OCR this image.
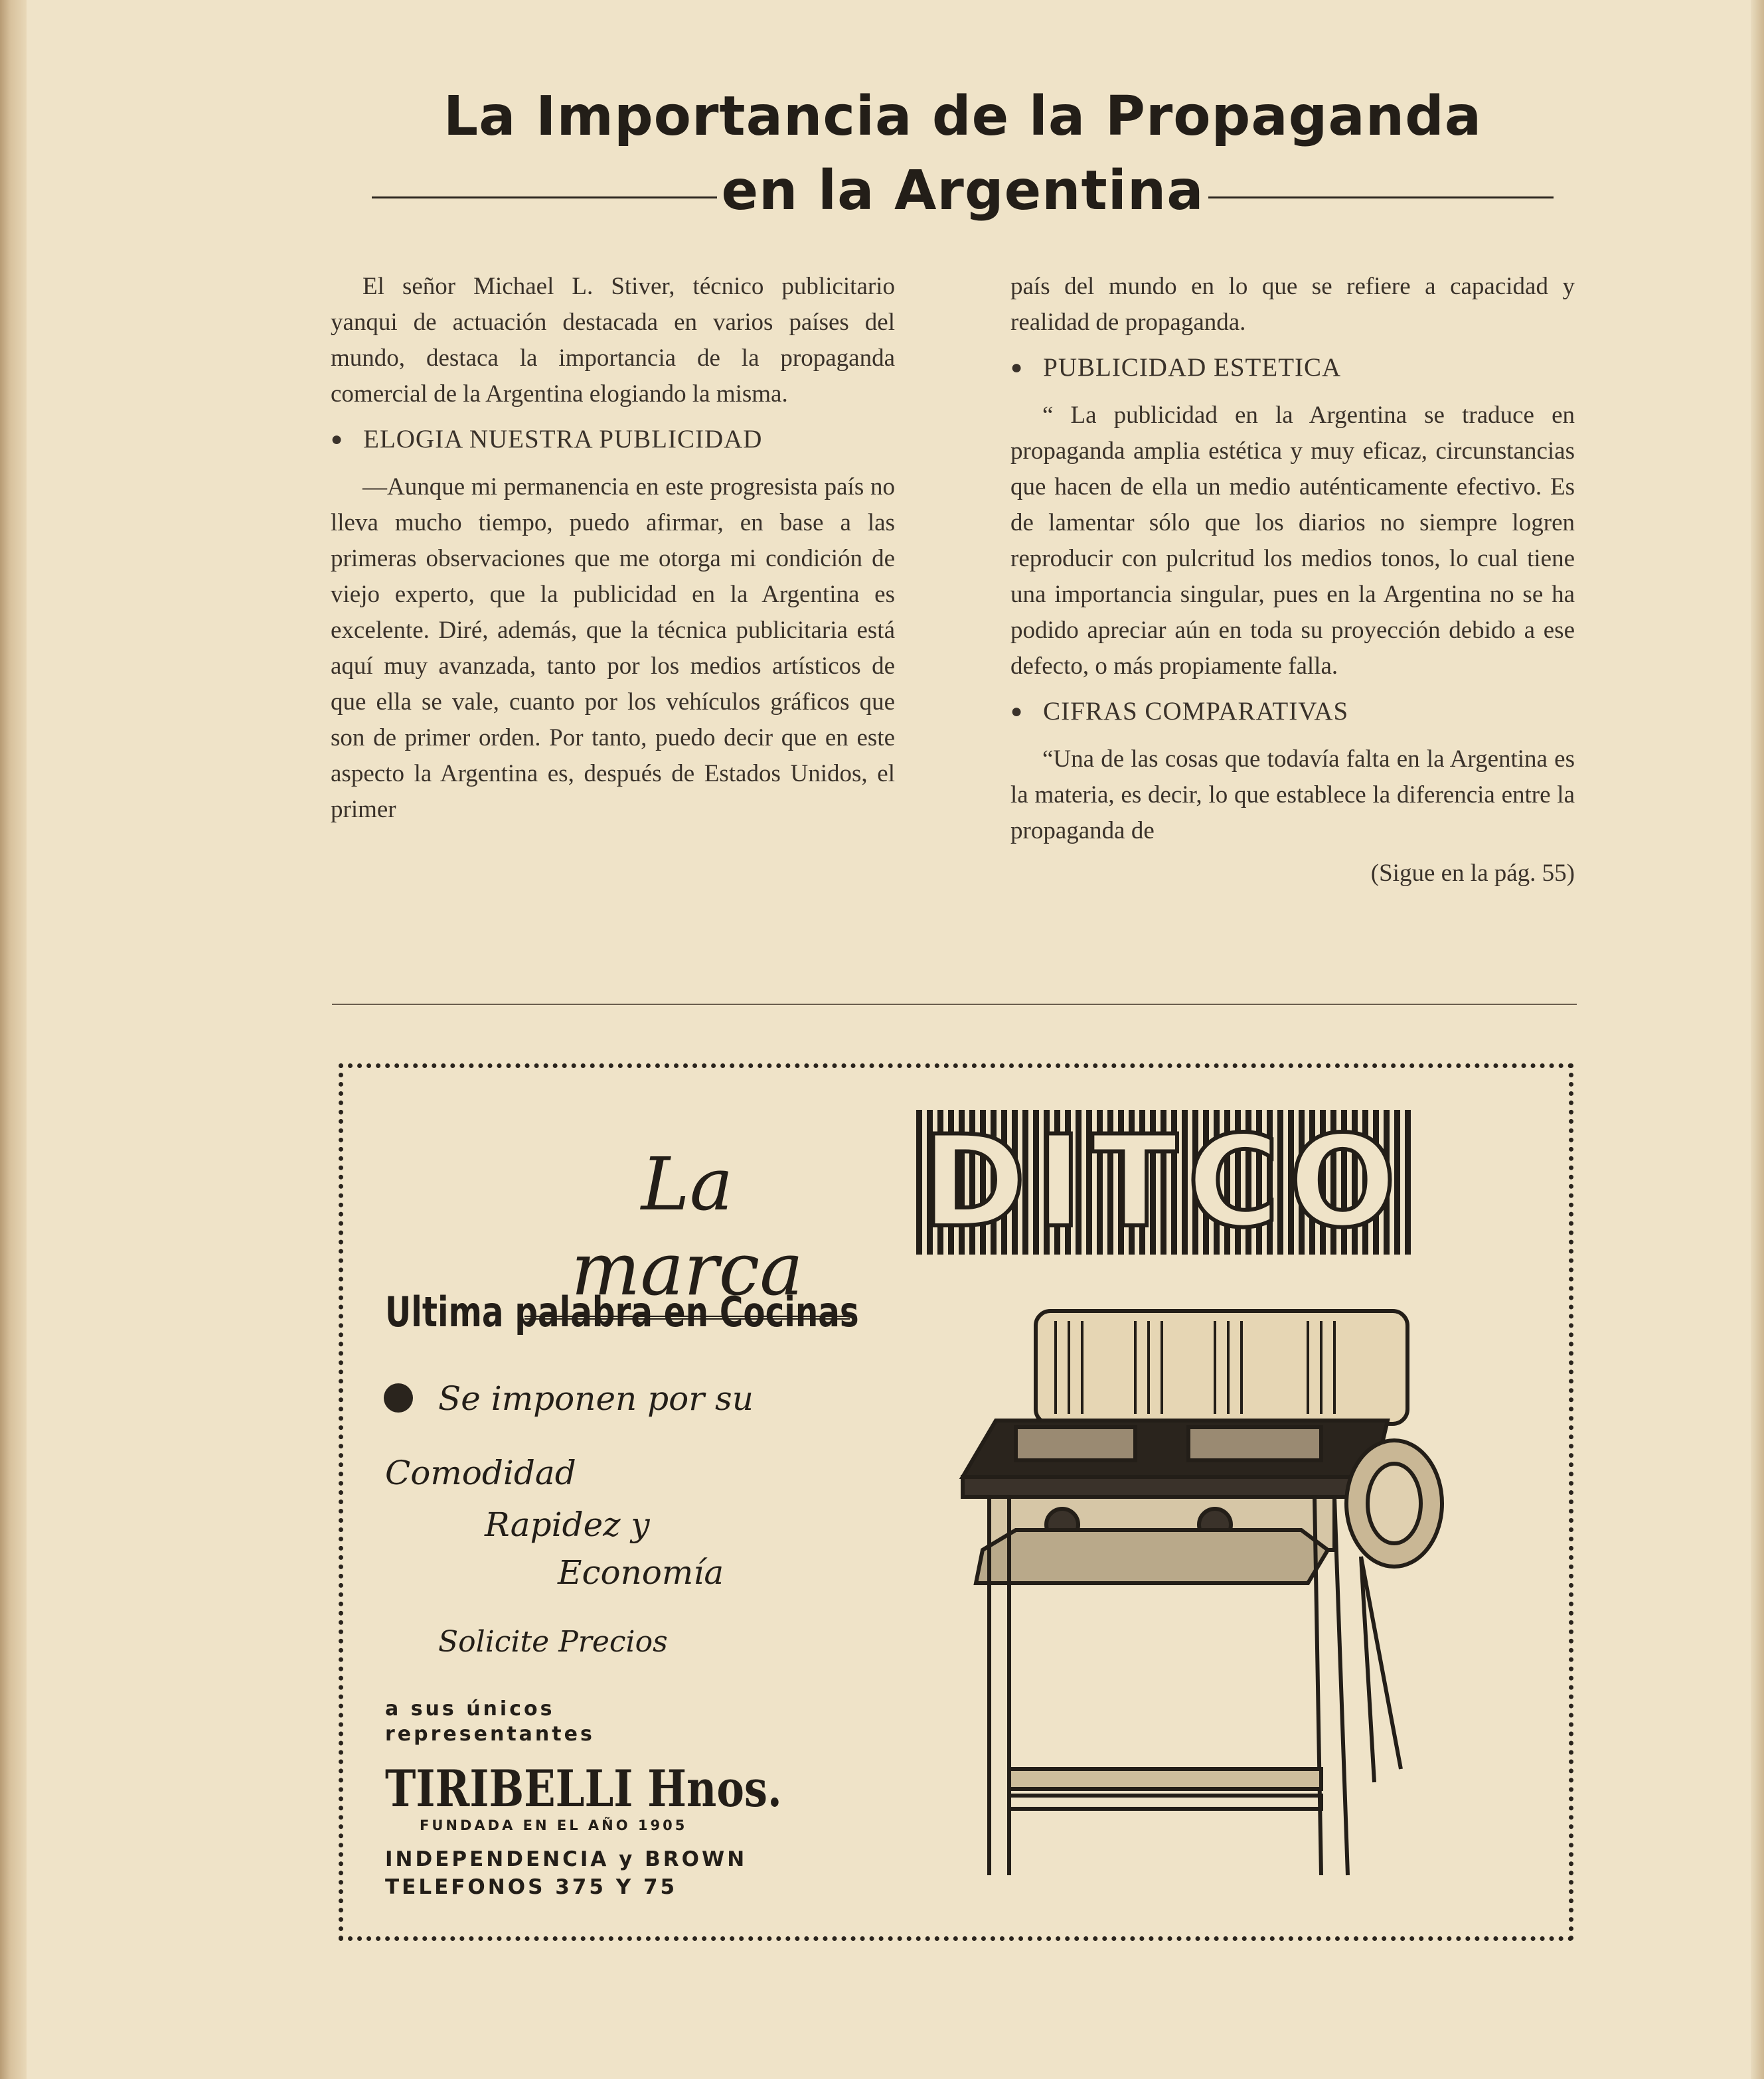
La Importancia de la Propaganda
en la Argentina

El señor Michael L. Stiver, técnico publicitario yanqui de actuación destacada en varios países del mundo, destaca la importancia de la propaganda comercial de la Argentina elogiando la misma.

● ELOGIA NUESTRA PUBLICIDAD

—Aunque mi permanencia en este progresista país no lleva mucho tiempo, puedo afirmar, en base a las primeras observaciones que me otorga mi condición de viejo experto, que la publicidad en la Argentina es excelente. Diré, además, que la técnica publicitaria está aquí muy avanzada, tanto por los medios artísticos de que ella se vale, cuanto por los vehículos gráficos que son de primer orden. Por tanto, puedo decir que en este aspecto la Argentina es, después de Estados Unidos, el primer

país del mundo en lo que se refiere a capacidad y realidad de propaganda.

● PUBLICIDAD ESTETICA

“ La publicidad en la Argentina se traduce en propaganda amplia estética y muy eficaz, circunstancias que hacen de ella un medio auténticamente efectivo. Es de lamentar sólo que los diarios no siempre logren reproducir con pulcritud los medios tonos, lo cual tiene una importancia singular, pues en la Argentina no se ha podido apreciar aún en toda su proyección debido a ese defecto, o más propiamente falla.

● CIFRAS COMPARATIVAS

“Una de las cosas que todavía falta en la Argentina es la materia, es decir, lo que establece la diferencia entre la propaganda de

(Sigue en la pág. 55)
La marca
DITCO
Ultima palabra en Cocinas
Se imponen por su
Comodidad
Rapidez y
Economía
Solicite Precios
a sus únicos
representantes
TIRIBELLI Hnos.
FUNDADA EN EL AÑO 1905
INDEPENDENCIA y BROWN
TELEFONOS 375 Y 75
